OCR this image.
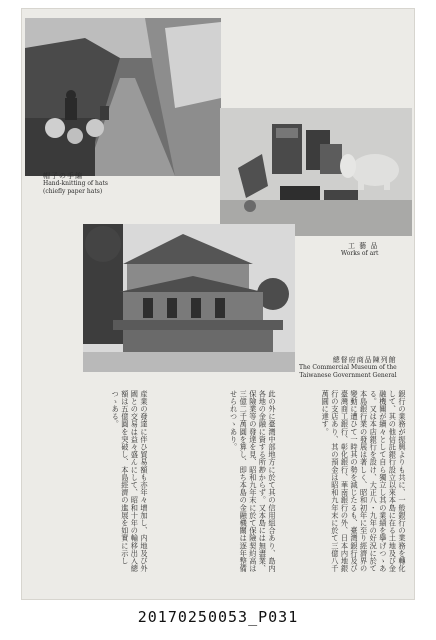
帽子の手編
Hand-knitting of hats
(chiefly paper hats)
工 藝 品
Works of art
總督府商品陳列館
The Commercial Museum of the
Taiwanese Government General
銀行の業務が振興よりも共に、一般銀行の業務を轉化して、其の他信託銀行設立以來本島に在る土地及び金融機關が續々として自ら獨立し其の業績を擧げつゝある。又は本店銀行を設け、大正八・九年の好況に於て本島銀行業の發展は著しく、昭和初年に至り經濟界の變動に遭ひて一時其の勢を減じたるも、臺灣銀行及び臺灣商工銀行、彰化銀行、華南銀行の外、日本内地銀行の支店あり、其の預金は昭和九年末に於て三億八千萬圓に達す。
此の外に臺灣中部地方に於て其の信用組合あり、島内各地の金融に資する所尠からず。又本島には無盡業、保險業等の發達を見、昭和九年末に於て保險契約高は三億二千萬圓を算し、即ち本島の金融機關は逐年整備せられつゝあり。
産業の發達に伴ひ貿易額も亦年々增加し、内地及び外國との交易は益々盛んにして、昭和十年の輸移出入總額は五億圓を突破し、本島經濟の進展を如實に示しつゝある。
20170250053_P031
